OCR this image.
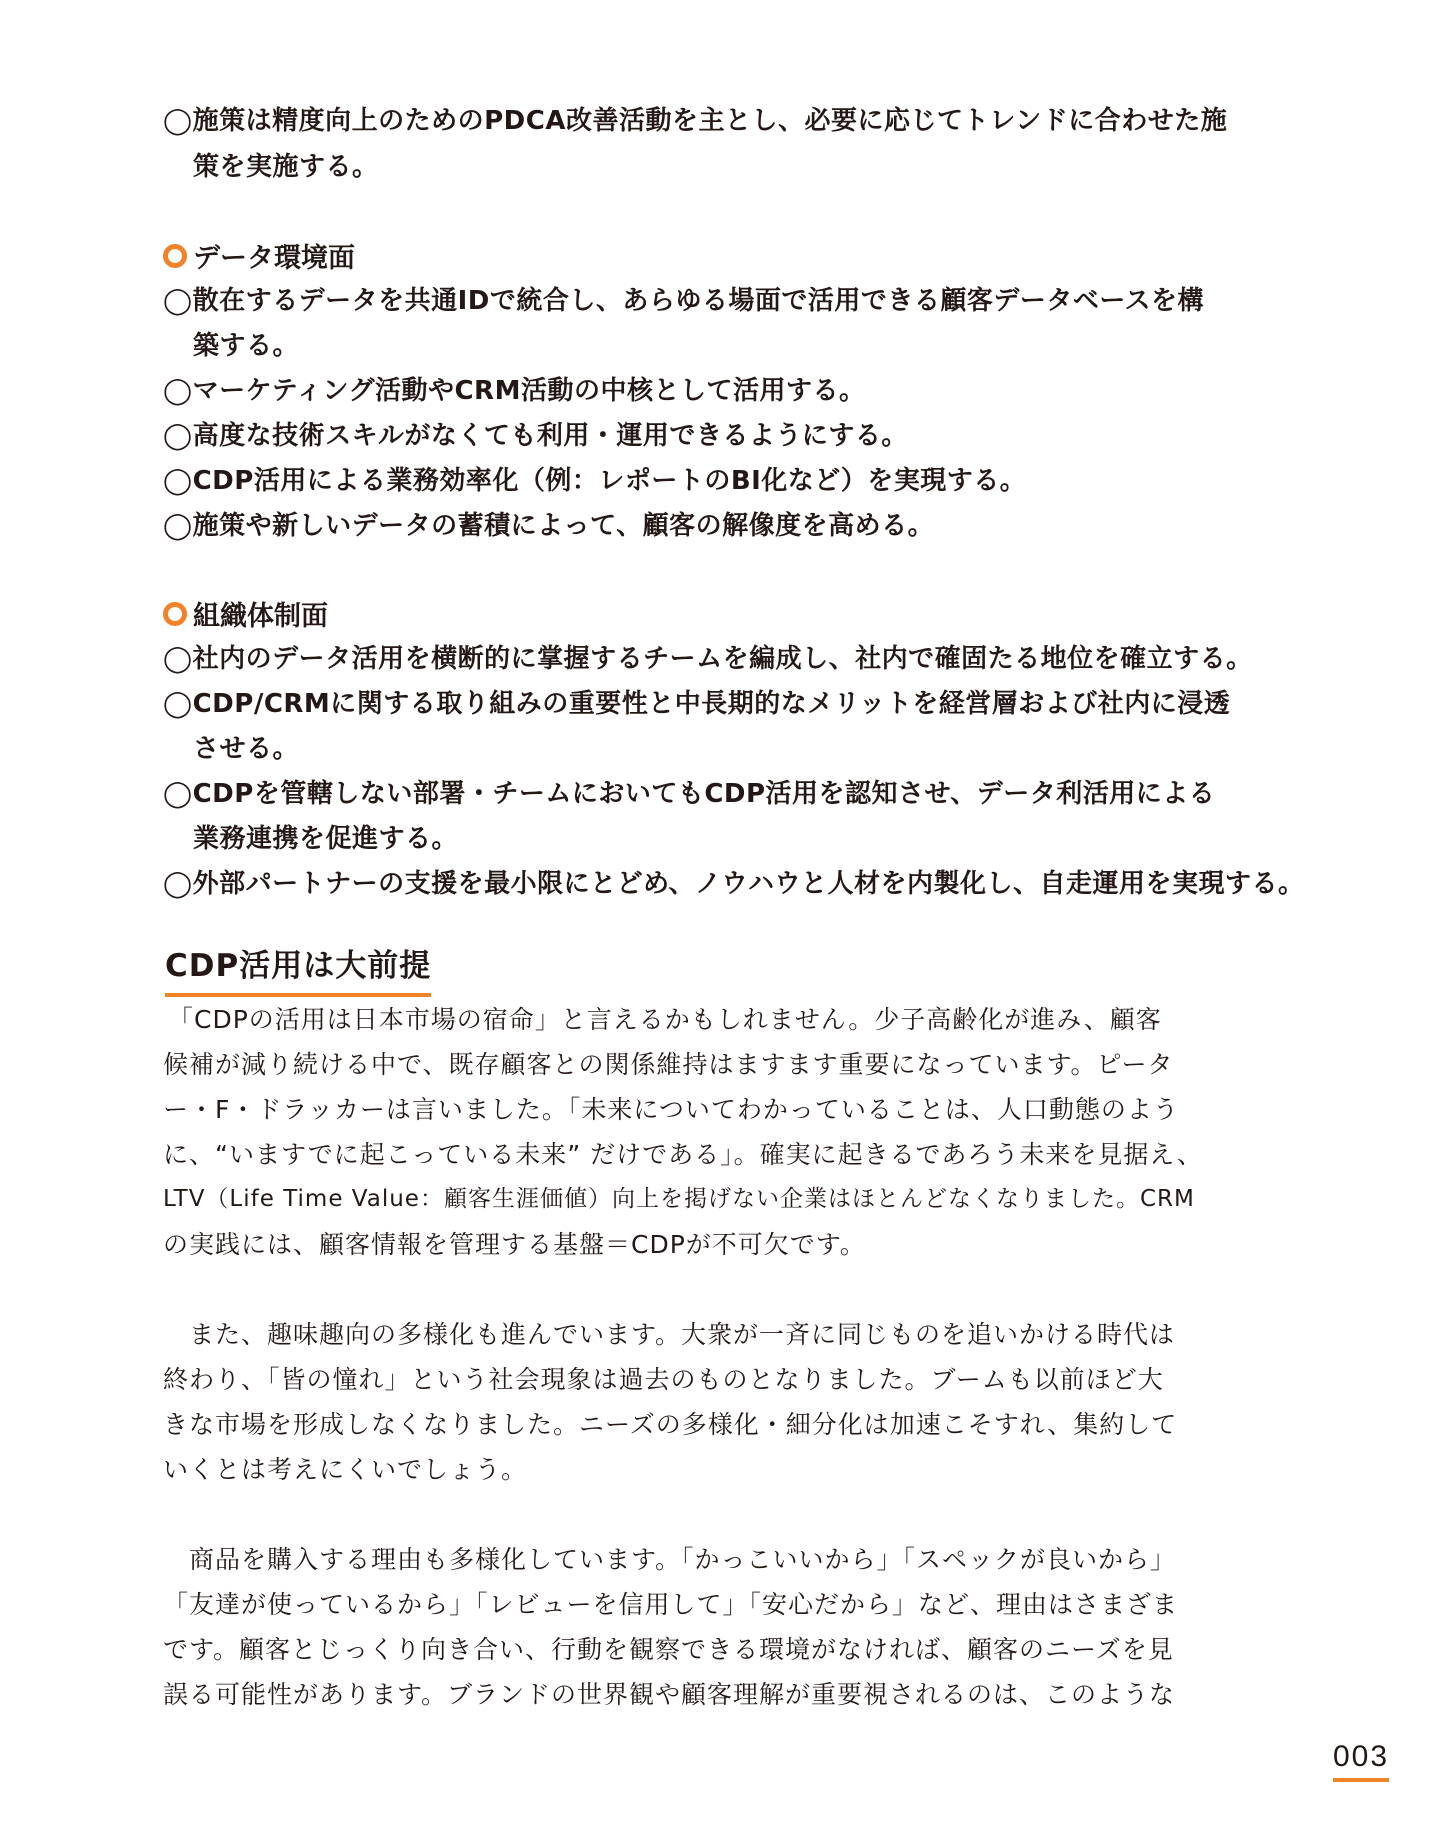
◯施策は精度向上のためのPDCA改善活動を主とし、必要に応じてトレンドに合わせた施
策を実施する。
データ環境面
◯散在するデータを共通IDで統合し、あらゆる場面で活用できる顧客データベースを構
築する。
◯マーケティング活動やCRM活動の中核として活用する。
◯高度な技術スキルがなくても利用・運用できるようにする。
◯CDP活用による業務効率化（例：レポートのBI化など）を実現する。
◯施策や新しいデータの蓄積によって、顧客の解像度を高める。
組織体制面
◯社内のデータ活用を横断的に掌握するチームを編成し、社内で確固たる地位を確立する。
◯CDP/CRMに関する取り組みの重要性と中長期的なメリットを経営層および社内に浸透
させる。
◯CDPを管轄しない部署・チームにおいてもCDP活用を認知させ、データ利活用による
業務連携を促進する。
◯外部パートナーの支援を最小限にとどめ、ノウハウと人材を内製化し、自走運用を実現する。
CDP活用は大前提
「CDPの活用は日本市場の宿命」と言えるかもしれません。少子高齢化が進み、顧客
候補が減り続ける中で、既存顧客との関係維持はますます重要になっています。ピータ
ー・F・ドラッカーは言いました。「未来についてわかっていることは、人口動態のよう
に、“いますでに起こっている未来” だけである」。確実に起きるであろう未来を見据え、
LTV（Life Time Value：顧客生涯価値）向上を掲げない企業はほとんどなくなりました。CRM
の実践には、顧客情報を管理する基盤＝CDPが不可欠です。
　また、趣味趣向の多様化も進んでいます。大衆が一斉に同じものを追いかける時代は
終わり、「皆の憧れ」という社会現象は過去のものとなりました。ブームも以前ほど大
きな市場を形成しなくなりました。ニーズの多様化・細分化は加速こそすれ、集約して
いくとは考えにくいでしょう。
　商品を購入する理由も多様化しています。「かっこいいから」「スペックが良いから」
「友達が使っているから」「レビューを信用して」「安心だから」など、理由はさまざま
です。顧客とじっくり向き合い、行動を観察できる環境がなければ、顧客のニーズを見
誤る可能性があります。ブランドの世界観や顧客理解が重要視されるのは、このような
003
